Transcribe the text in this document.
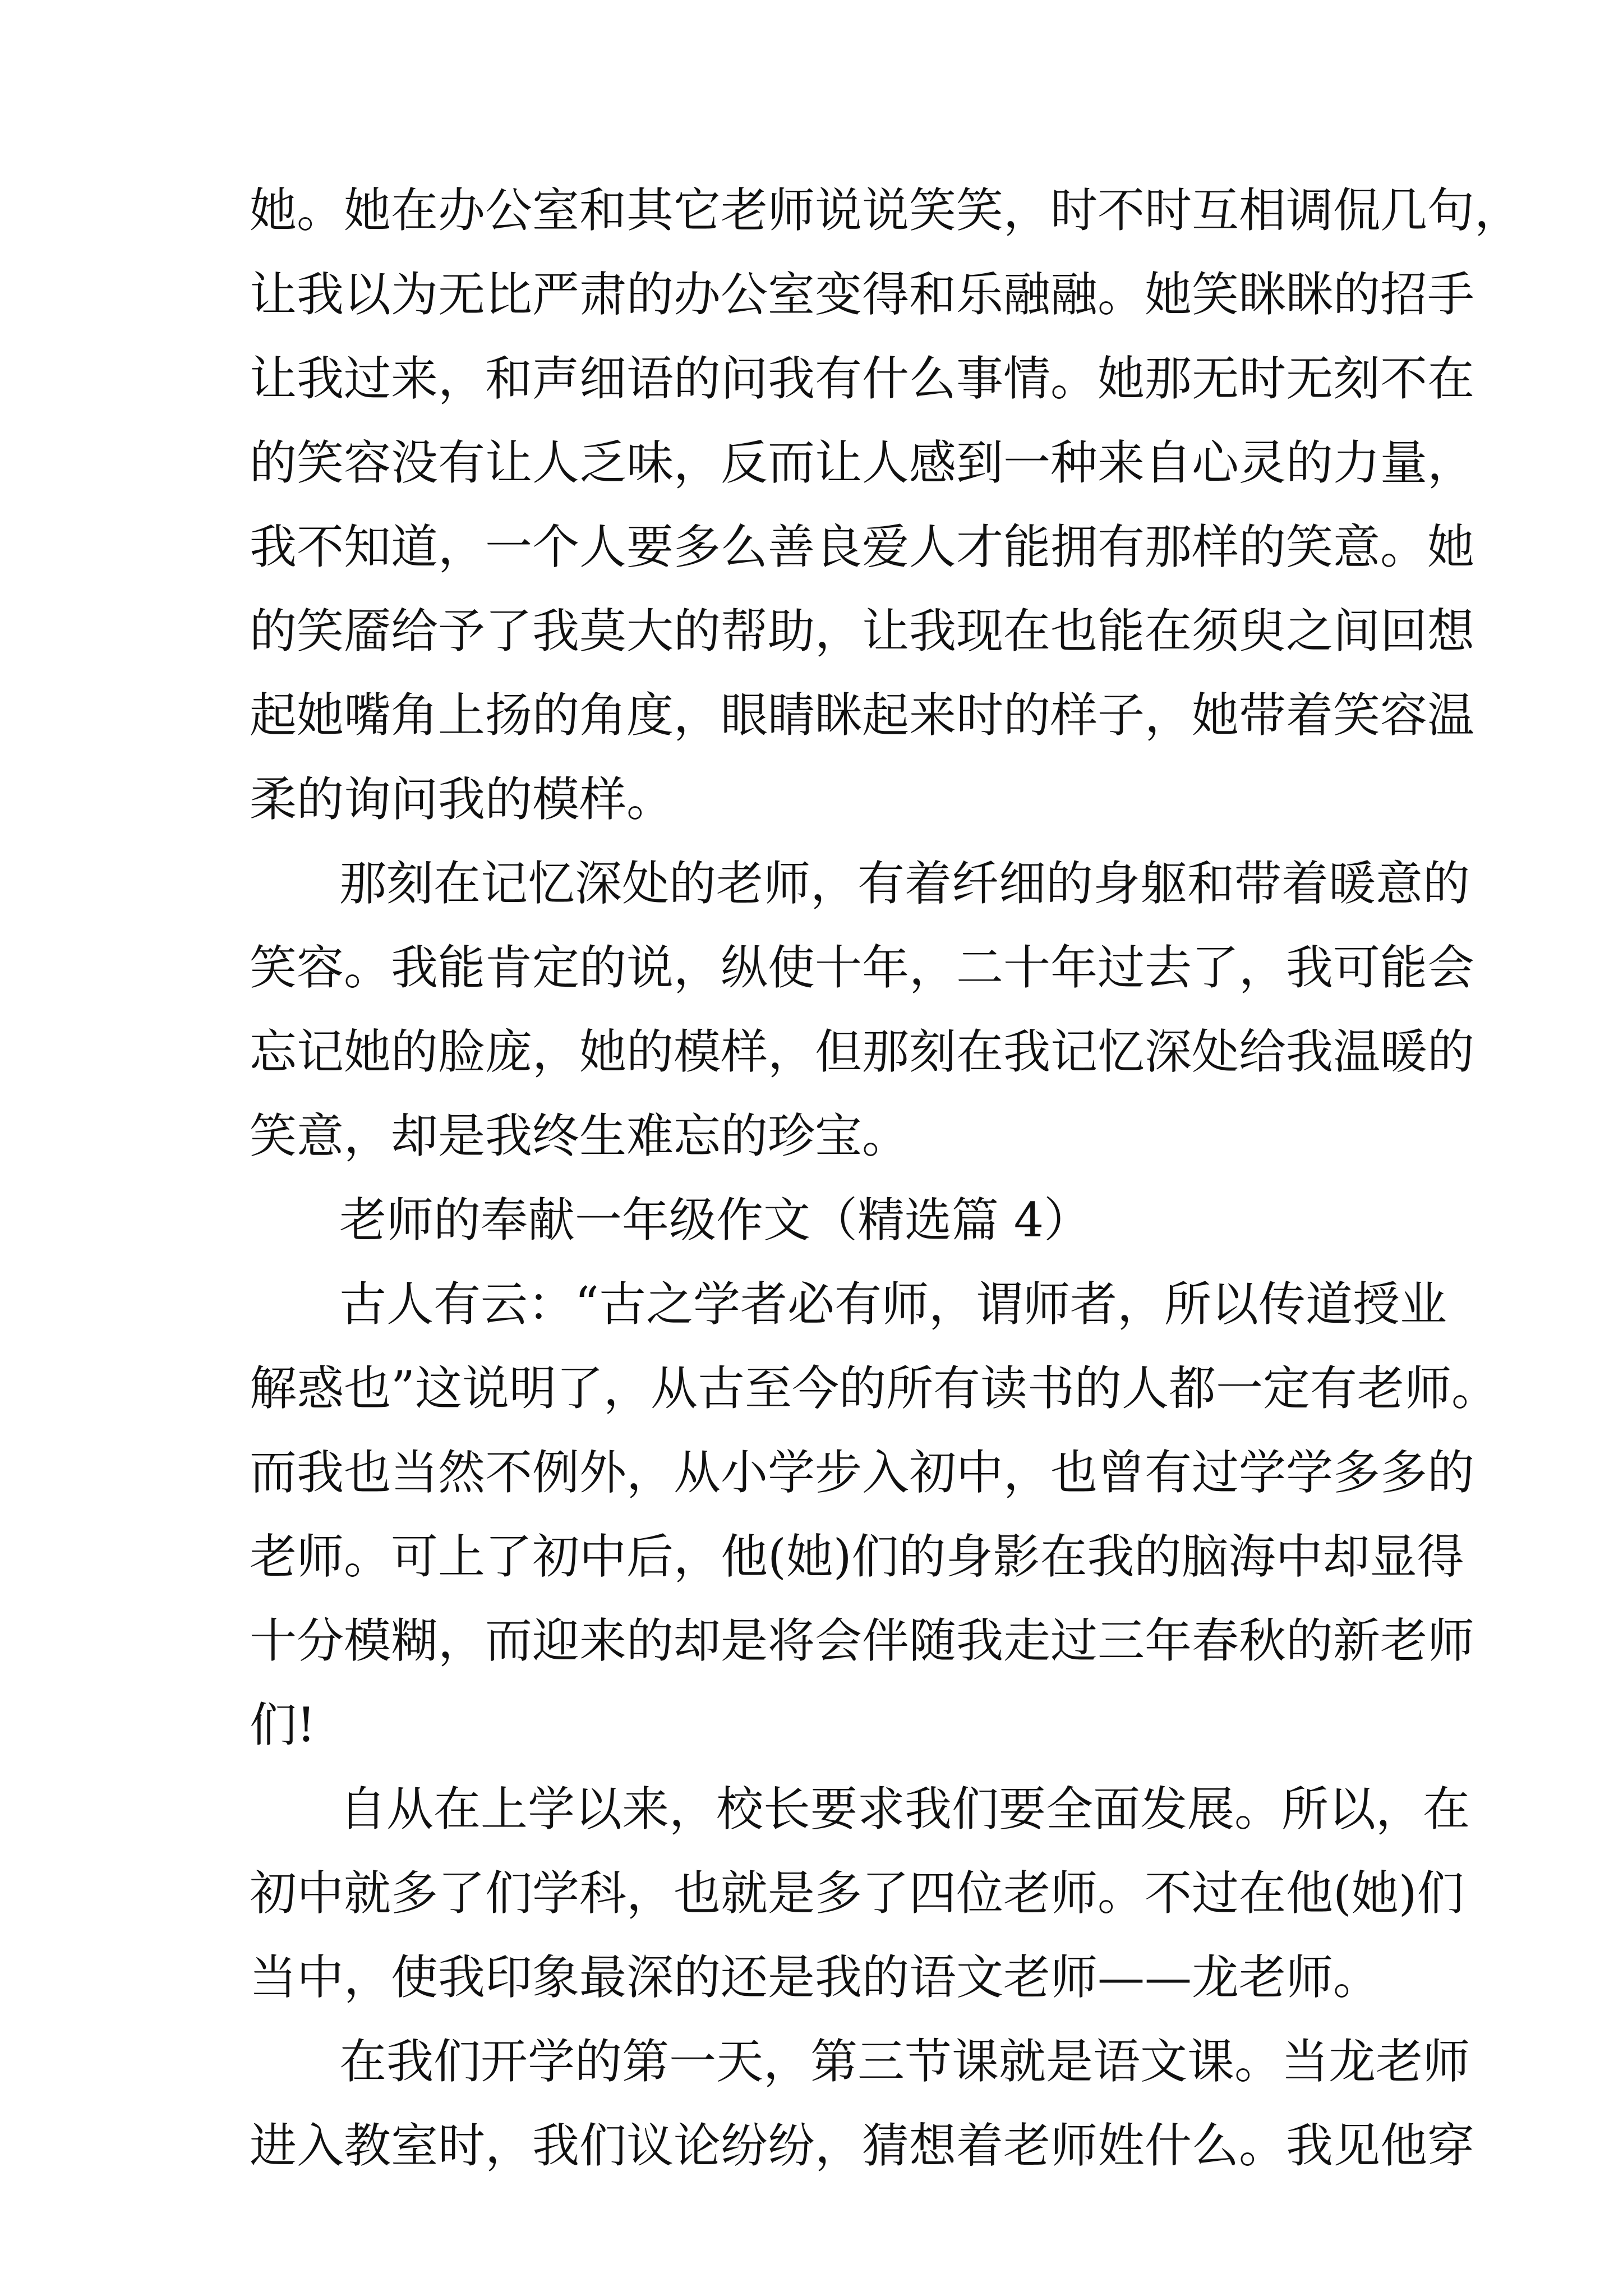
她。她在办公室和其它老师说说笑笑，时不时互相调侃几句，
让我以为无比严肃的办公室变得和乐融融。她笑眯眯的招手
让我过来，和声细语的问我有什么事情。她那无时无刻不在
的笑容没有让人乏味，反而让人感到一种来自心灵的力量，
我不知道，一个人要多么善良爱人才能拥有那样的笑意。她
的笑靥给予了我莫大的帮助，让我现在也能在须臾之间回想
起她嘴角上扬的角度，眼睛眯起来时的样子，她带着笑容温
柔的询问我的模样。
那刻在记忆深处的老师，有着纤细的身躯和带着暖意的
笑容。我能肯定的说，纵使十年，二十年过去了，我可能会
忘记她的脸庞，她的模样，但那刻在我记忆深处给我温暖的
笑意，却是我终生难忘的珍宝。
老师的奉献一年级作文（精选篇 4）
古人有云：“古之学者必有师，谓师者，所以传道授业
解惑也”这说明了，从古至今的所有读书的人都一定有老师。
而我也当然不例外，从小学步入初中，也曾有过学学多多的
老师。可上了初中后，他(她)们的身影在我的脑海中却显得
十分模糊，而迎来的却是将会伴随我走过三年春秋的新老师
们!
自从在上学以来，校长要求我们要全面发展。所以，在
初中就多了们学科，也就是多了四位老师。不过在他(她)们
当中，使我印象最深的还是我的语文老师——龙老师。
在我们开学的第一天，第三节课就是语文课。当龙老师
进入教室时，我们议论纷纷，猜想着老师姓什么。我见他穿
